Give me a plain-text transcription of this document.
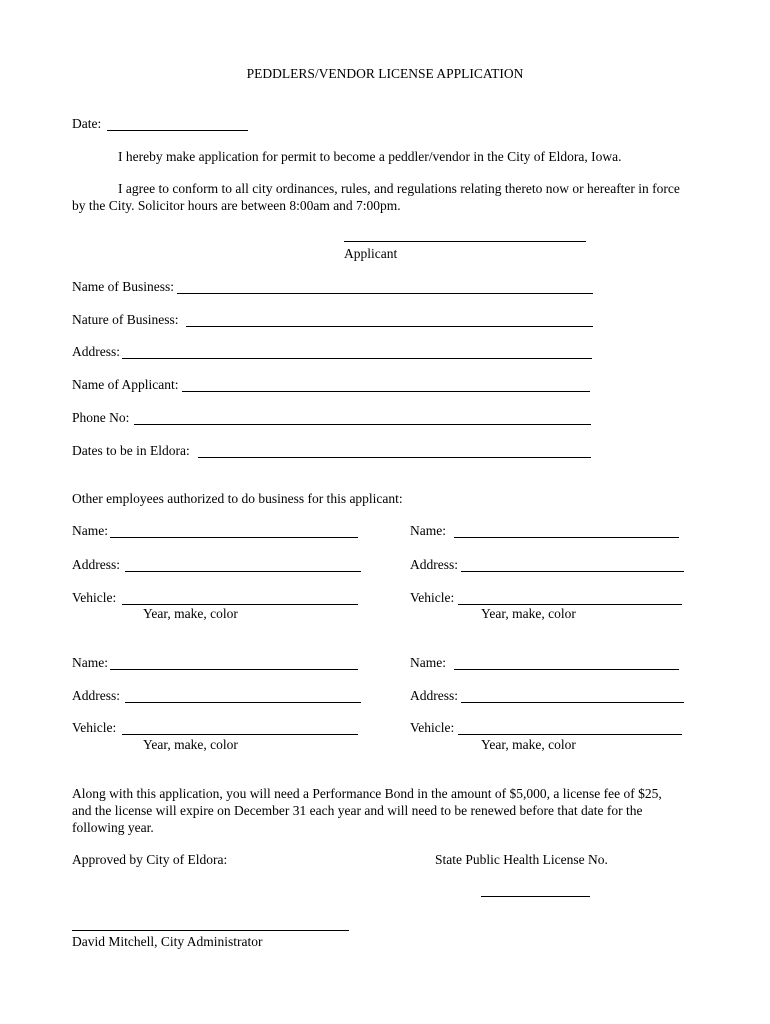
PEDDLERS/VENDOR LICENSE APPLICATION
Date:
I hereby make application for permit to become a peddler/vendor in the City of Eldora, Iowa.
I agree to conform to all city ordinances, rules, and regulations relating thereto now or hereafter in force
by the City. Solicitor hours are between 8:00am and 7:00pm.
Applicant
Name of Business:
Nature of Business:
Address:
Name of Applicant:
Phone No:
Dates to be in Eldora:
Other employees authorized to do business for this applicant:
Name:
Address:
Vehicle:
Year, make, color
Name:
Address:
Vehicle:
Year, make, color
Name:
Address:
Vehicle:
Year, make, color
Name:
Address:
Vehicle:
Year, make, color
Along with this application, you will need a Performance Bond in the amount of $5,000, a license fee of $25,
and the license will expire on December 31 each year and will need to be renewed before that date for the
following year.
Approved by City of Eldora:	State Public Health License No.
David Mitchell, City Administrator
